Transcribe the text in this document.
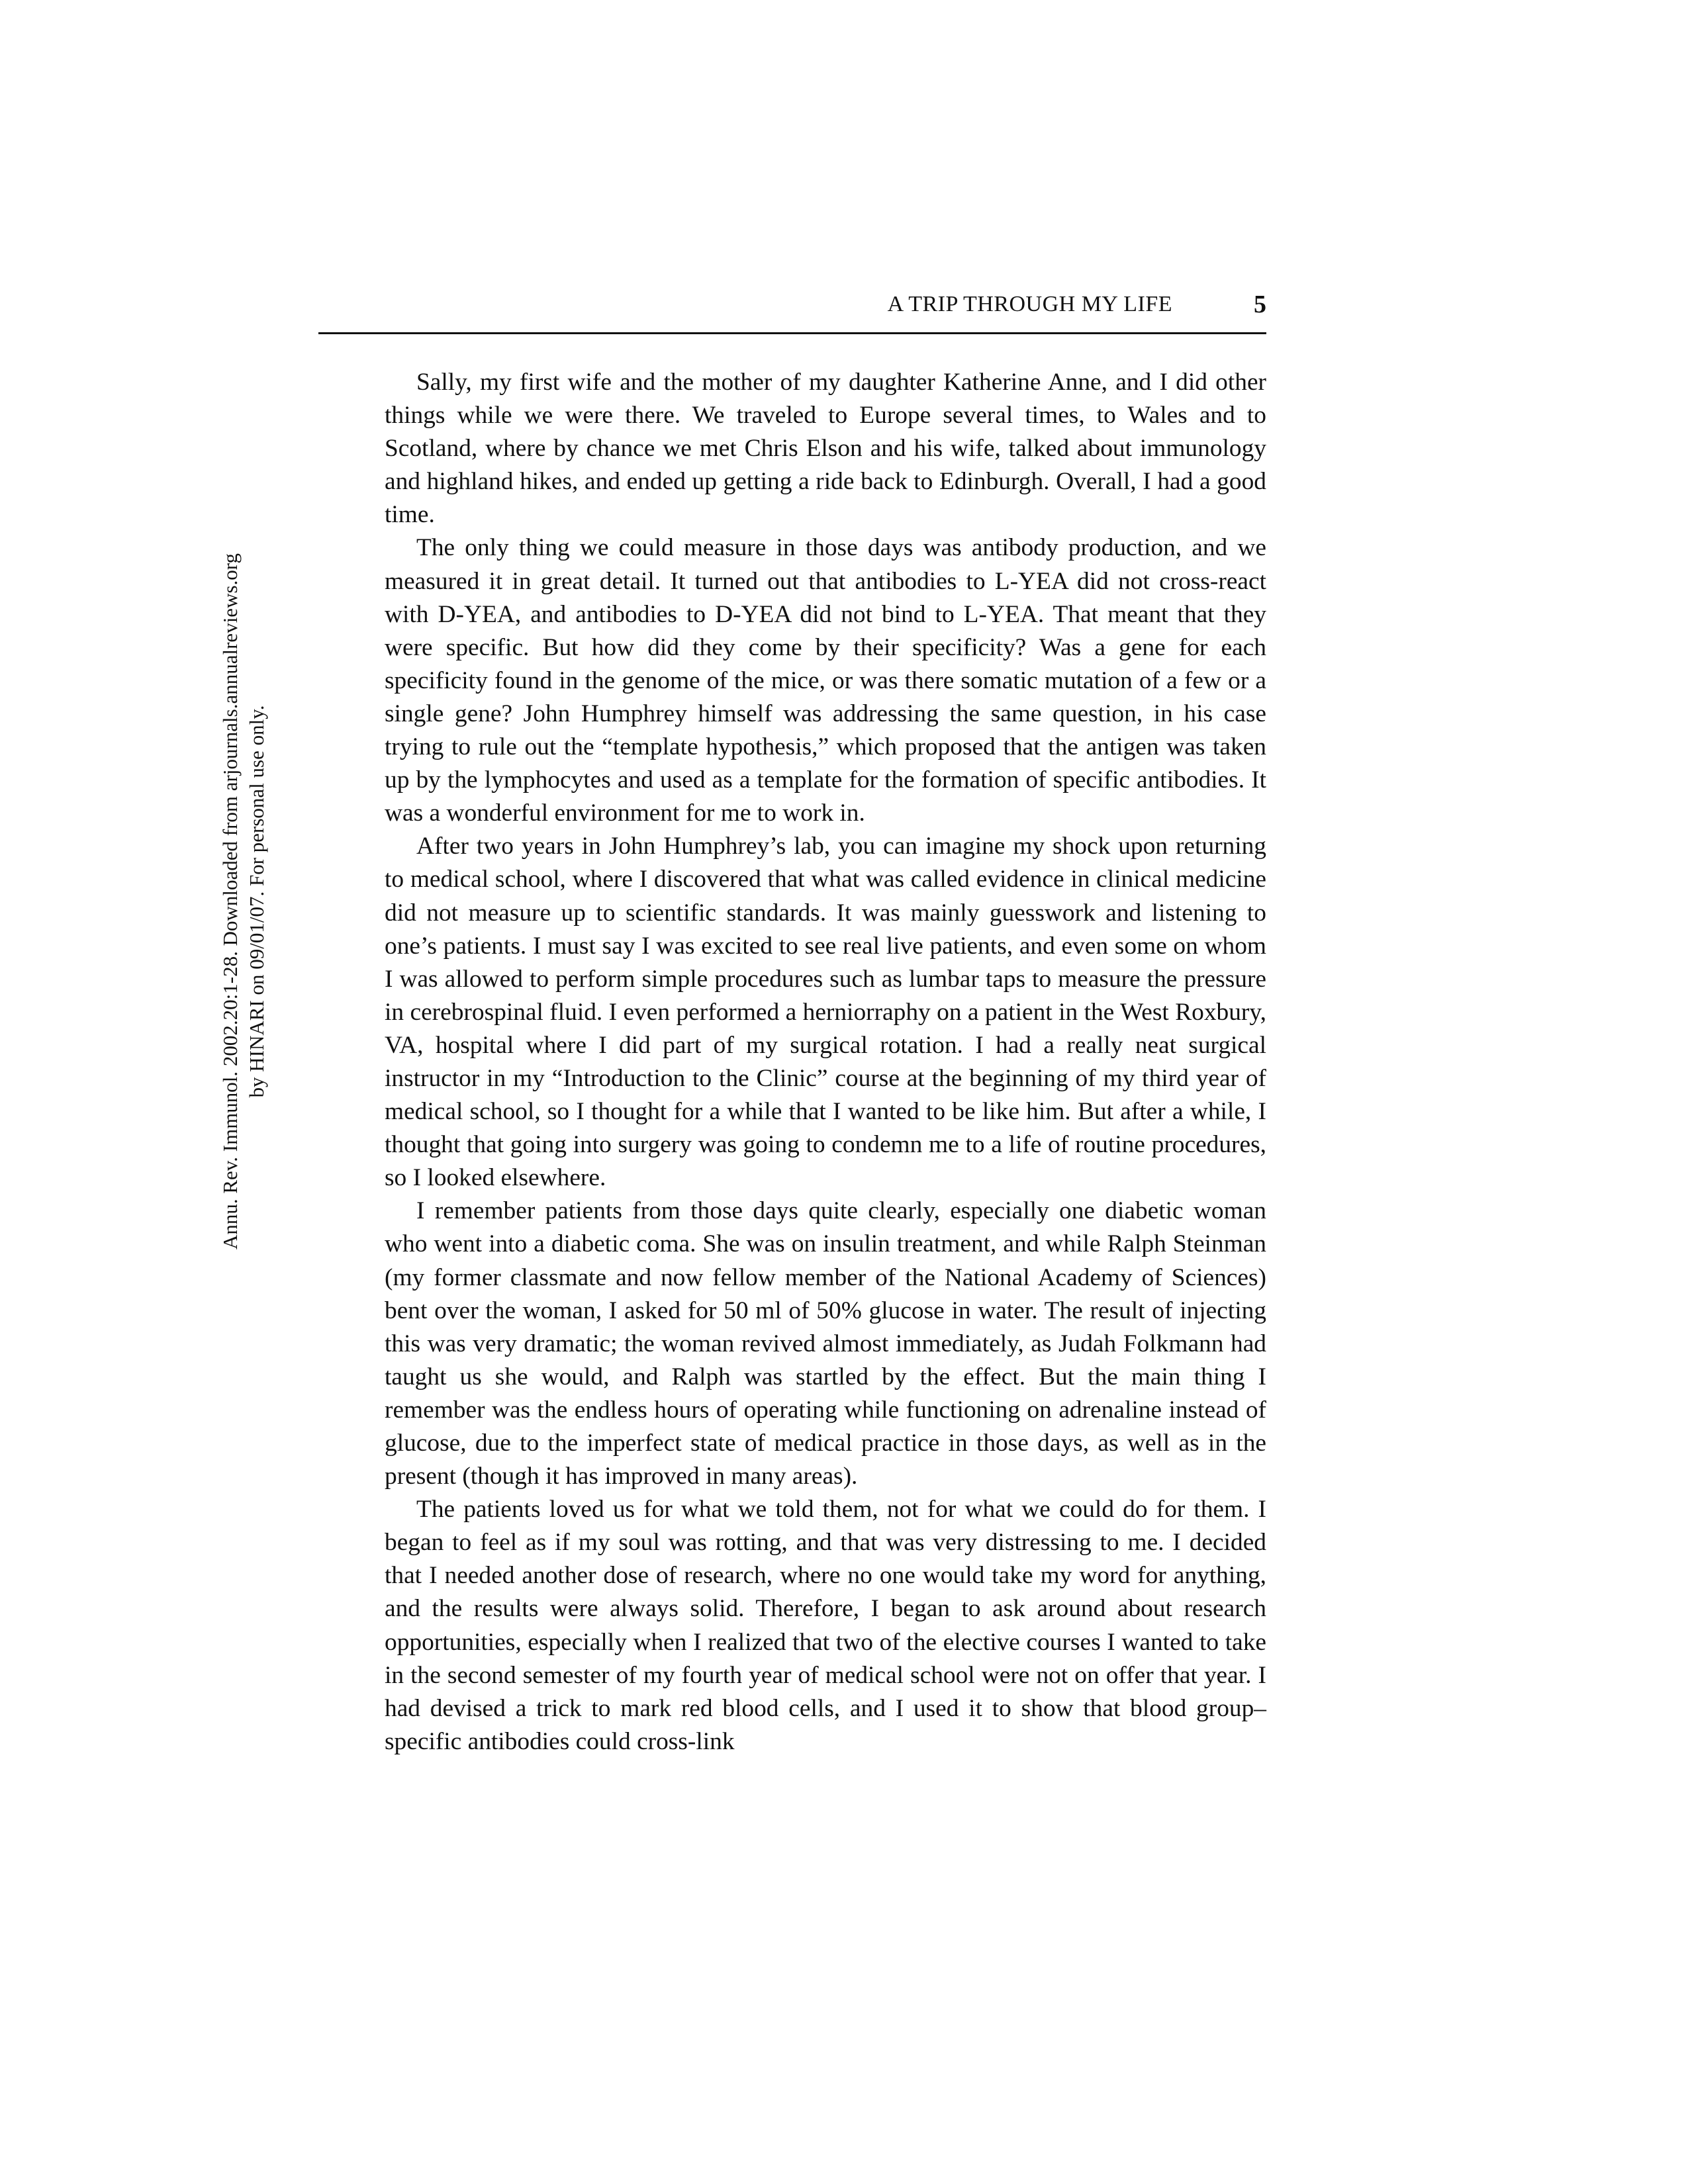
A TRIP THROUGH MY LIFE	5
Annu. Rev. Immunol. 2002.20:1-28. Downloaded from arjournals.annualreviews.org by HINARI on 09/01/07. For personal use only.

Sally, my first wife and the mother of my daughter Katherine Anne, and I did other things while we were there. We traveled to Europe several times, to Wales and to Scotland, where by chance we met Chris Elson and his wife, talked about immunology and highland hikes, and ended up getting a ride back to Edinburgh. Overall, I had a good time.

The only thing we could measure in those days was antibody production, and we measured it in great detail. It turned out that antibodies to L-YEA did not cross-react with D-YEA, and antibodies to D-YEA did not bind to L-YEA. That meant that they were specific. But how did they come by their specificity? Was a gene for each specificity found in the genome of the mice, or was there somatic mutation of a few or a single gene? John Humphrey himself was addressing the same question, in his case trying to rule out the “template hypothesis,” which proposed that the antigen was taken up by the lymphocytes and used as a template for the formation of specific antibodies. It was a wonderful environment for me to work in.

After two years in John Humphrey’s lab, you can imagine my shock upon returning to medical school, where I discovered that what was called evidence in clinical medicine did not measure up to scientific standards. It was mainly guesswork and listening to one’s patients. I must say I was excited to see real live patients, and even some on whom I was allowed to perform simple procedures such as lumbar taps to measure the pressure in cerebrospinal fluid. I even performed a herniorraphy on a patient in the West Roxbury, VA, hospital where I did part of my surgical rotation. I had a really neat surgical instructor in my “Introduction to the Clinic” course at the beginning of my third year of medical school, so I thought for a while that I wanted to be like him. But after a while, I thought that going into surgery was going to condemn me to a life of routine procedures, so I looked elsewhere.

I remember patients from those days quite clearly, especially one diabetic woman who went into a diabetic coma. She was on insulin treatment, and while Ralph Steinman (my former classmate and now fellow member of the National Academy of Sciences) bent over the woman, I asked for 50 ml of 50% glucose in water. The result of injecting this was very dramatic; the woman revived almost immediately, as Judah Folkmann had taught us she would, and Ralph was startled by the effect. But the main thing I remember was the endless hours of operating while functioning on adrenaline instead of glucose, due to the imperfect state of medical practice in those days, as well as in the present (though it has improved in many areas).

The patients loved us for what we told them, not for what we could do for them. I began to feel as if my soul was rotting, and that was very distressing to me. I decided that I needed another dose of research, where no one would take my word for anything, and the results were always solid. Therefore, I began to ask around about research opportunities, especially when I realized that two of the elective courses I wanted to take in the second semester of my fourth year of medical school were not on offer that year. I had devised a trick to mark red blood cells, and I used it to show that blood group–specific antibodies could cross-link
